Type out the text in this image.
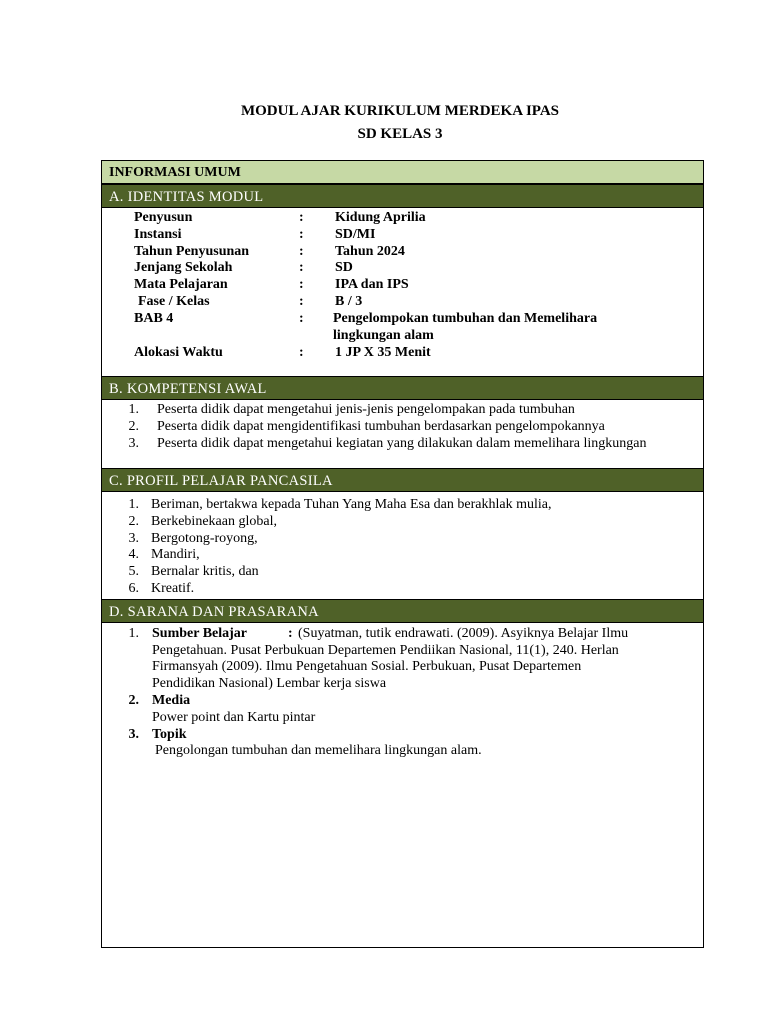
MODUL AJAR KURIKULUM MERDEKA IPAS
SD KELAS 3
INFORMASI UMUM
A. IDENTITAS MODUL
Penyusun	: Kidung Aprilia
Instansi	: SD/MI
Tahun Penyusunan	: Tahun 2024
Jenjang Sekolah	: SD
Mata Pelajaran	: IPA dan IPS
Fase / Kelas	: B / 3
BAB 4	: Pengelompokan tumbuhan dan Memelihara
lingkungan alam
Alokasi Waktu	: 1 JP X 35 Menit
B. KOMPETENSI AWAL
1. Peserta didik dapat mengetahui jenis-jenis pengelompakan pada tumbuhan
2. Peserta didik dapat mengidentifikasi tumbuhan berdasarkan pengelompokannya
3. Peserta didik dapat mengetahui kegiatan yang dilakukan dalam memelihara lingkungan
C. PROFIL PELAJAR PANCASILA
1. Beriman, bertakwa kepada Tuhan Yang Maha Esa dan berakhlak mulia,
2. Berkebinekaan global,
3. Bergotong-royong,
4. Mandiri,
5. Bernalar kritis, dan
6. Kreatif.
D. SARANA DAN PRASARANA
1. Sumber Belajar	: (Suyatman, tutik endrawati. (2009). Asyiknya Belajar Ilmu
Pengetahuan. Pusat Perbukuan Departemen Pendiikan Nasional, 11(1), 240. Herlan
Firmansyah (2009). Ilmu Pengetahuan Sosial. Perbukuan, Pusat Departemen
Pendidikan Nasional) Lembar kerja siswa
2. Media
Power point dan Kartu pintar
3. Topik
Pengolongan tumbuhan dan memelihara lingkungan alam.
